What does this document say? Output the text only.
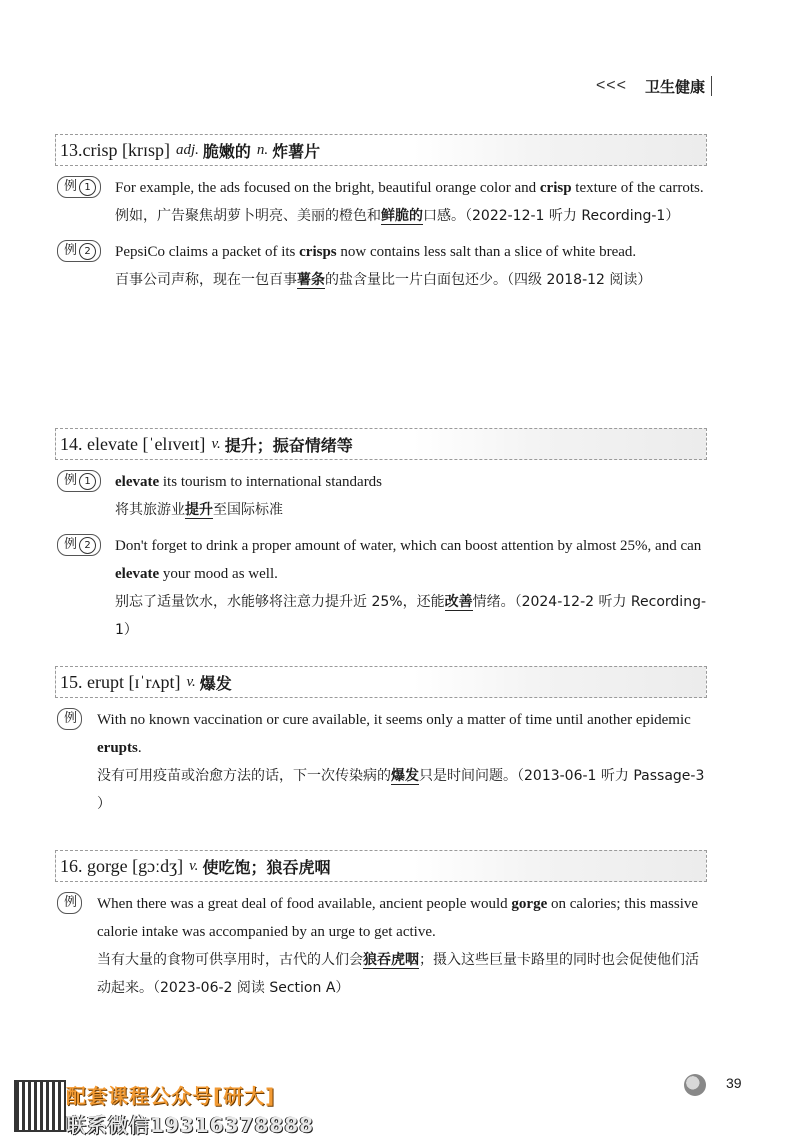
<<< 卫生健康
13.crisp [krɪsp] adj. 脆嫩的 n. 炸薯片
例 1	For example, the ads focused on the bright, beautiful orange color and crisp texture of the carrots.
例如，广告聚焦胡萝卜明亮、美丽的橙色和鲜脆的口感。（2022-12-1 听力 Recording-1）
例 2	PepsiCo claims a packet of its crisps now contains less salt than a slice of white bread.
百事公司声称，现在一包百事薯条的盐含量比一片白面包还少。（四级 2018-12 阅读）
14. elevate [ˈelɪveɪt] v. 提升；振奋情绪等
例 1	elevate its tourism to international standards
将其旅游业提升至国际标准
例 2	Don't forget to drink a proper amount of water, which can boost attention by almost 25%, and can elevate your mood as well.
别忘了适量饮水，水能够将注意力提升近 25%，还能改善情绪。（2024-12-2 听力 Recording-1）
15. erupt [ɪˈrʌpt] v. 爆发
例 With no known vaccination or cure available, it seems only a matter of time until another epidemic erupts.
没有可用疫苗或治愈方法的话，下一次传染病的爆发只是时间问题。（2013-06-1 听力 Passage-3 ）
16. gorge [gɔːdʒ] v. 使吃饱；狼吞虎咽
例 When there was a great deal of food available, ancient people would gorge on calories; this massive calorie intake was accompanied by an urge to get active.
当有大量的食物可供享用时，古代的人们会狼吞虎咽；摄入这些巨量卡路里的同时也会促使他们活动起来。（2023-06-2 阅读 Section A）
配套课程公众号[研大]
联系微信19316378888
39
